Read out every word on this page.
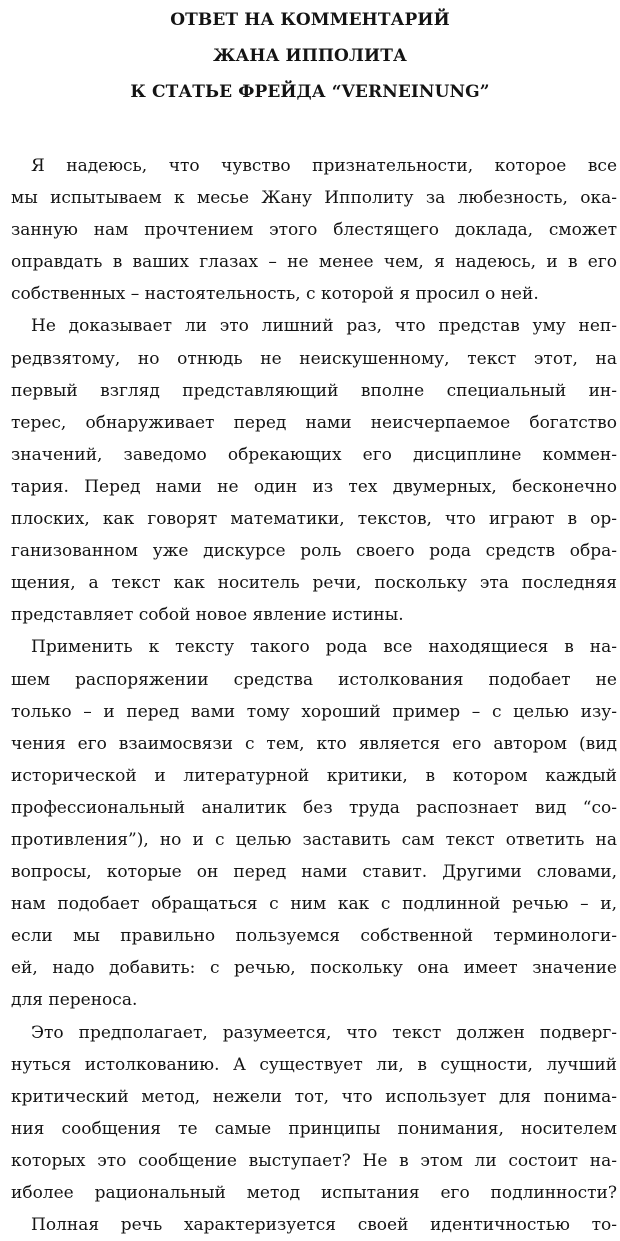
ОТВЕТ НА КОММЕНТАРИЙ
ЖАНА ИППОЛИТА
К СТАТЬЕ ФРЕЙДА “VERNEINUNG”
Я надеюсь, что чувство признательности, которое все
мы испытываем к месье Жану Ипполиту за любезность, ока-
занную нам прочтением этого блестящего доклада, сможет
оправдать в ваших глазах – не менее чем, я надеюсь, и в его
собственных – настоятельность, с которой я просил о ней.
Не доказывает ли это лишний раз, что представ уму неп-
редвзятому, но отнюдь не неискушенному, текст этот, на
первый взгляд представляющий вполне специальный ин-
терес, обнаруживает перед нами неисчерпаемое богатство
значений, заведомо обрекающих его дисциплине коммен-
тария. Перед нами не один из тех двумерных, бесконечно
плоских, как говорят математики, текстов, что играют в ор-
ганизованном уже дискурсе роль своего рода средств обра-
щения, а текст как носитель речи, поскольку эта последняя
представляет собой новое явление истины.
Применить к тексту такого рода все находящиеся в на-
шем распоряжении средства истолкования подобает не
только – и перед вами тому хороший пример – с целью изу-
чения его взаимосвязи с тем, кто является его автором (вид
исторической и литературной критики, в котором каждый
профессиональный аналитик без труда распознает вид “со-
противления”), но и с целью заставить сам текст ответить на
вопросы, которые он перед нами ставит. Другими словами,
нам подобает обращаться с ним как с подлинной речью – и,
если мы правильно пользуемся собственной терминологи-
ей, надо добавить: с речью, поскольку она имеет значение
для переноса.
Это предполагает, разумеется, что текст должен подверг-
нуться истолкованию. А существует ли, в сущности, лучший
критический метод, нежели тот, что использует для понима-
ния сообщения те самые принципы понимания, носителем
которых это сообщение выступает? Не в этом ли состоит на-
иболее рациональный метод испытания его подлинности?
Полная речь характеризуется своей идентичностью то-
